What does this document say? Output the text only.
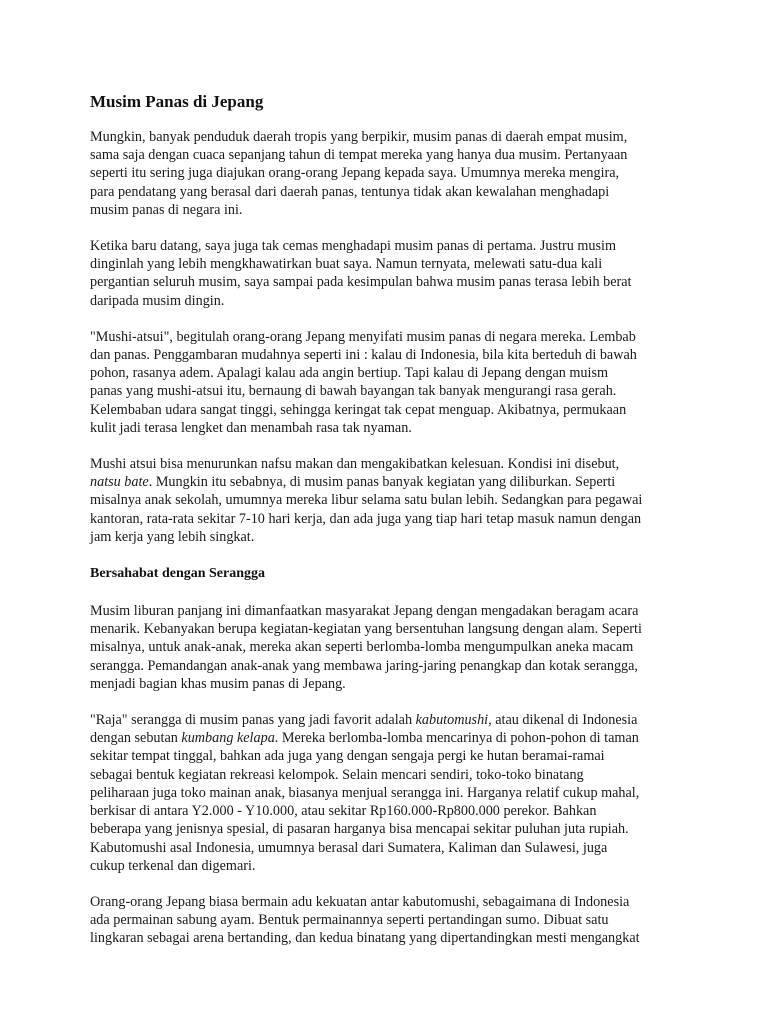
Musim Panas di Jepang

Mungkin, banyak penduduk daerah tropis yang berpikir, musim panas di daerah empat musim,
sama saja dengan cuaca sepanjang tahun di tempat mereka yang hanya dua musim. Pertanyaan
seperti itu sering juga diajukan orang-orang Jepang kepada saya. Umumnya mereka mengira,
para pendatang yang berasal dari daerah panas, tentunya tidak akan kewalahan menghadapi
musim panas di negara ini.

Ketika baru datang, saya juga tak cemas menghadapi musim panas di pertama. Justru musim
dinginlah yang lebih mengkhawatirkan buat saya. Namun ternyata, melewati satu-dua kali
pergantian seluruh musim, saya sampai pada kesimpulan bahwa musim panas terasa lebih berat
daripada musim dingin.

"Mushi-atsui", begitulah orang-orang Jepang menyifati musim panas di negara mereka. Lembab
dan panas. Penggambaran mudahnya seperti ini : kalau di Indonesia, bila kita berteduh di bawah
pohon, rasanya adem. Apalagi kalau ada angin bertiup. Tapi kalau di Jepang dengan muism
panas yang mushi-atsui itu, bernaung di bawah bayangan tak banyak mengurangi rasa gerah.
Kelembaban udara sangat tinggi, sehingga keringat tak cepat menguap. Akibatnya, permukaan
kulit jadi terasa lengket dan menambah rasa tak nyaman.

Mushi atsui bisa menurunkan nafsu makan dan mengakibatkan kelesuan. Kondisi ini disebut,
natsu bate. Mungkin itu sebabnya, di musim panas banyak kegiatan yang diliburkan. Seperti
misalnya anak sekolah, umumnya mereka libur selama satu bulan lebih. Sedangkan para pegawai
kantoran, rata-rata sekitar 7-10 hari kerja, dan ada juga yang tiap hari tetap masuk namun dengan
jam kerja yang lebih singkat.

Bersahabat dengan Serangga

Musim liburan panjang ini dimanfaatkan masyarakat Jepang dengan mengadakan beragam acara
menarik. Kebanyakan berupa kegiatan-kegiatan yang bersentuhan langsung dengan alam. Seperti
misalnya, untuk anak-anak, mereka akan seperti berlomba-lomba mengumpulkan aneka macam
serangga. Pemandangan anak-anak yang membawa jaring-jaring penangkap dan kotak serangga,
menjadi bagian khas musim panas di Jepang.

"Raja" serangga di musim panas yang jadi favorit adalah kabutomushi, atau dikenal di Indonesia
dengan sebutan kumbang kelapa. Mereka berlomba-lomba mencarinya di pohon-pohon di taman
sekitar tempat tinggal, bahkan ada juga yang dengan sengaja pergi ke hutan beramai-ramai
sebagai bentuk kegiatan rekreasi kelompok. Selain mencari sendiri, toko-toko binatang
peliharaan juga toko mainan anak, biasanya menjual serangga ini. Harganya relatif cukup mahal,
berkisar di antara Y2.000 - Y10.000, atau sekitar Rp160.000-Rp800.000 perekor. Bahkan
beberapa yang jenisnya spesial, di pasaran harganya bisa mencapai sekitar puluhan juta rupiah.
Kabutomushi asal Indonesia, umumnya berasal dari Sumatera, Kaliman dan Sulawesi, juga
cukup terkenal dan digemari.

Orang-orang Jepang biasa bermain adu kekuatan antar kabutomushi, sebagaimana di Indonesia
ada permainan sabung ayam. Bentuk permainannya seperti pertandingan sumo. Dibuat satu
lingkaran sebagai arena bertanding, dan kedua binatang yang dipertandingkan mesti mengangkat
